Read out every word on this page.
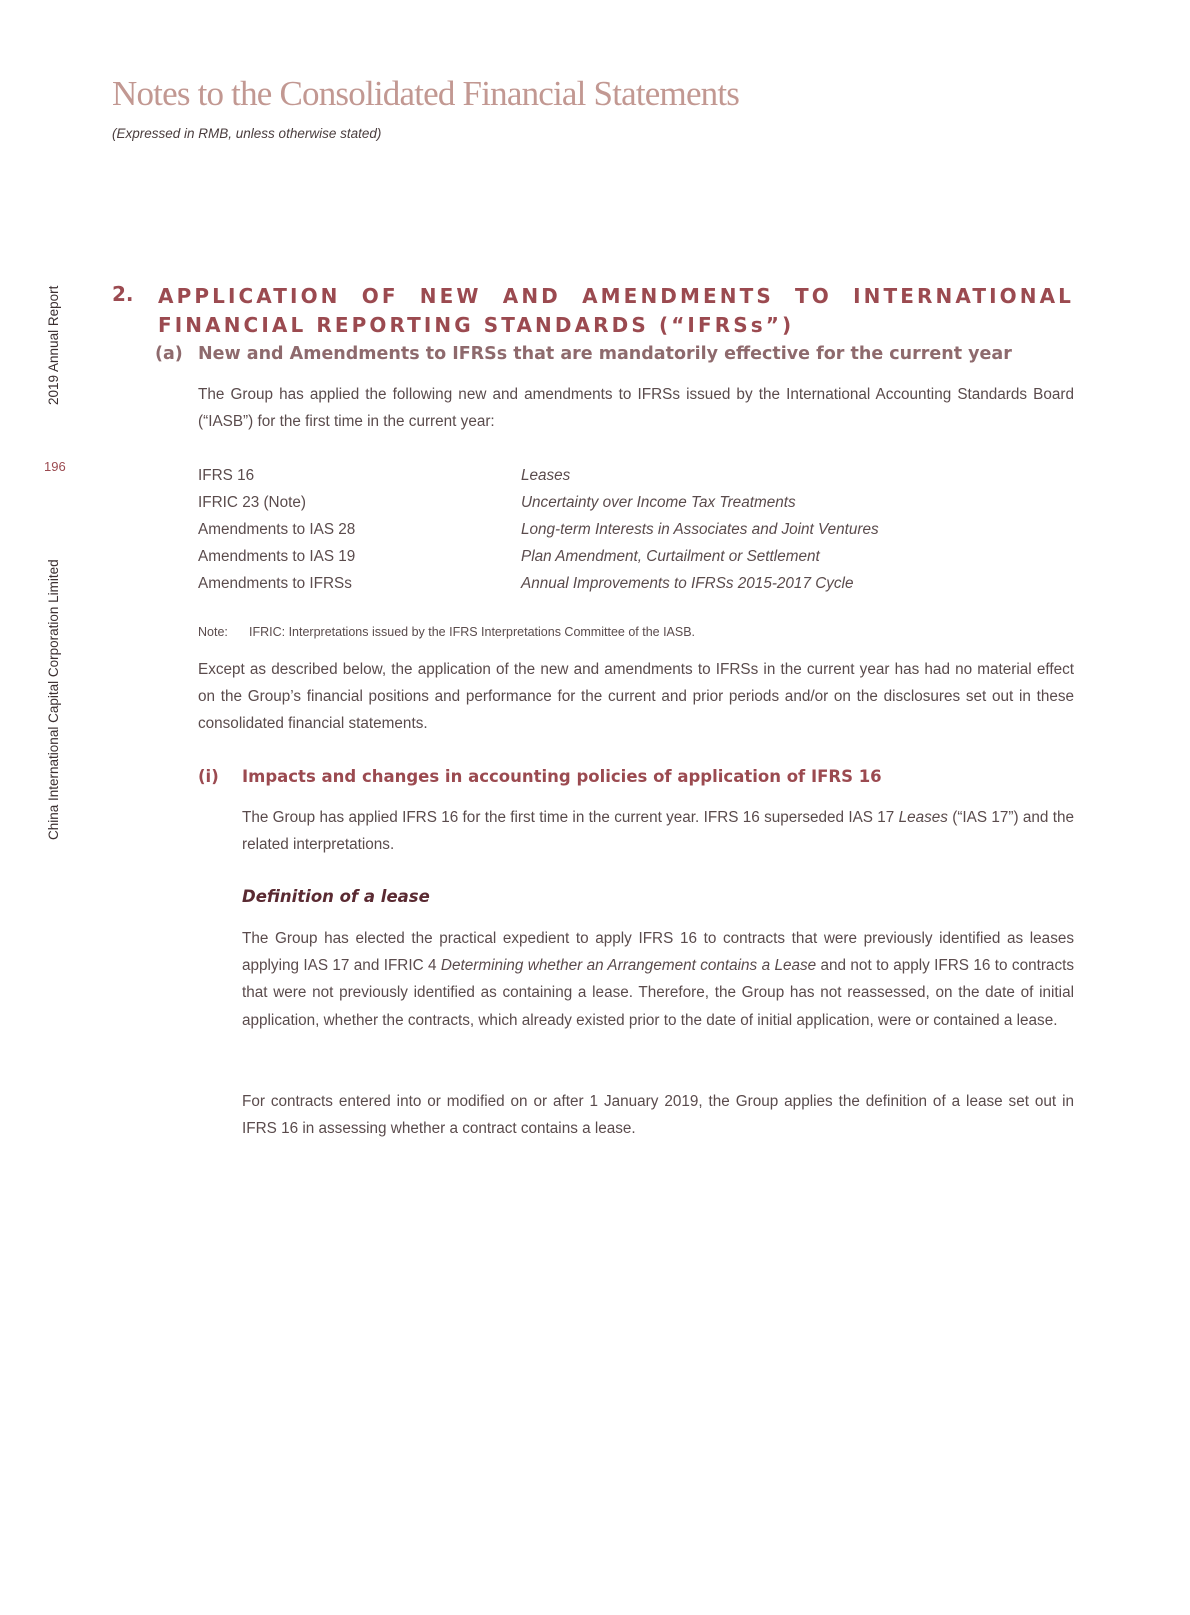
Notes to the Consolidated Financial Statements
(Expressed in RMB, unless otherwise stated)
2019 Annual Report
196
China International Capital Corporation Limited
2. APPLICATION OF NEW AND AMENDMENTS TO INTERNATIONAL FINANCIAL REPORTING STANDARDS (“IFRSs”)
(a) New and Amendments to IFRSs that are mandatorily effective for the current year
The Group has applied the following new and amendments to IFRSs issued by the International Accounting Standards Board (“IASB”) for the first time in the current year:
IFRS 16	Leases
IFRIC 23 (Note)	Uncertainty over Income Tax Treatments
Amendments to IAS 28	Long-term Interests in Associates and Joint Ventures
Amendments to IAS 19	Plan Amendment, Curtailment or Settlement
Amendments to IFRSs	Annual Improvements to IFRSs 2015-2017 Cycle
Note: IFRIC: Interpretations issued by the IFRS Interpretations Committee of the IASB.
Except as described below, the application of the new and amendments to IFRSs in the current year has had no material effect on the Group’s financial positions and performance for the current and prior periods and/or on the disclosures set out in these consolidated financial statements.
(i) Impacts and changes in accounting policies of application of IFRS 16
The Group has applied IFRS 16 for the first time in the current year. IFRS 16 superseded IAS 17 Leases (“IAS 17”) and the related interpretations.
Definition of a lease
The Group has elected the practical expedient to apply IFRS 16 to contracts that were previously identified as leases applying IAS 17 and IFRIC 4 Determining whether an Arrangement contains a Lease and not to apply IFRS 16 to contracts that were not previously identified as containing a lease. Therefore, the Group has not reassessed, on the date of initial application, whether the contracts, which already existed prior to the date of initial application, were or contained a lease.
For contracts entered into or modified on or after 1 January 2019, the Group applies the definition of a lease set out in IFRS 16 in assessing whether a contract contains a lease.
